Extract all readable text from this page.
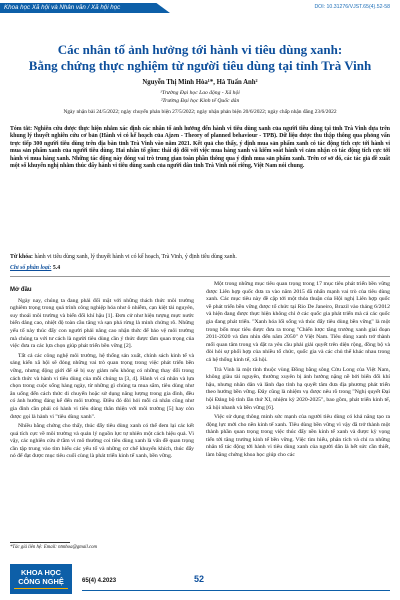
Khoa học Xã hội và Nhân văn / Xã hội học	DOI: 10.31276/VJST.65(4).52-58
Các nhân tố ảnh hưởng tới hành vi tiêu dùng xanh:
Bằng chứng thực nghiệm từ người tiêu dùng tại tỉnh Trà Vinh
Nguyễn Thị Minh Hòa¹*, Hà Tuấn Anh²
¹Trường Đại học Lao động - Xã hội
²Trường Đại học Kinh tế Quốc dân
Ngày nhận bài 24/5/2022; ngày chuyển phản biện 27/5/2022; ngày nhận phản biện 20/6/2022; ngày chấp nhận đăng 23/6/2022
Tóm tắt: Nghiên cứu được thực hiện nhằm xác định các nhân tố ảnh hưởng đến hành vi tiêu dùng xanh của người tiêu dùng tại tỉnh Trà Vinh dựa trên khung lý thuyết nghiên cứu cơ bản (Hành vi có kế hoạch của Ajzen - Theory of planned behaviour - TPB). Dữ liệu được thu thập thông qua phỏng vấn trực tiếp 300 người tiêu dùng trên địa bàn tỉnh Trà Vinh vào năm 2021. Kết quả cho thấy, ý định mua sản phẩm xanh có tác động tích cực tới hành vi mua sản phẩm xanh của người tiêu dùng. Hai nhân tố gồm: thái độ đối với việc mua hàng xanh và kiểm soát hành vi cảm nhận có tác động tích cực tới hành vi mua hàng xanh. Những tác động này đóng vai trò trung gian toàn phần thông qua ý định mua sản phẩm xanh. Trên cơ sở đó, các tác giả đề xuất một số khuyến nghị nhằm thúc đẩy hành vi tiêu dùng xanh của người dân tỉnh Trà Vinh nói riêng, Việt Nam nói chung.
Từ khóa: hành vi tiêu dùng xanh, lý thuyết hành vi có kế hoạch, Trà Vinh, ý định tiêu dùng xanh.
Chỉ số phân loại: 5.4
Mở đầu

Ngày nay, chúng ta đang phải đối mặt với những thách thức môi trường nghiêm trọng trong quá trình công nghiệp hóa như ô nhiễm, cạn kiệt tài nguyên, suy thoái môi trường và biến đổi khí hậu [1]. Đơn cử như hiện tượng mực nước biển dâng cao, nhiệt độ toàn cầu tăng và sạn phá rừng là minh chứng rõ. Những yếu tố này thúc đẩy con người phải nâng cao nhận thức để bảo vệ môi trường mà chúng ta với tư cách là người tiêu dùng cần ý thức được tầm quan trọng của việc đưa ra các lựa chọn giúp phát triển bền vững [2].

Tất cả các công nghệ môi trường, hệ thống sản xuất, chính sách kinh tế và sáng kiến xã hội sẽ đóng những vai trò quan trọng trong việc phát triển bền vững, nhưng động giới để sẽ bị suy giảm nếu không có những thay đổi trong cách thức và hành vi tiêu dùng của mỗi chúng ta [3, 4]. Hành vi cá nhân và lựa chọn trong cuộc sống hàng ngày, từ những gì chúng ta mua sắm, tiêu dùng như ăn uống đến cách thức di chuyển hoặc sử dụng năng lượng trong gia đình, đều có ảnh hưởng đáng kể đến môi trường. Điều đó đòi hỏi mỗi cá nhân cũng như gia đình cần phải có hành vi tiêu dùng thân thiện với môi trường [5] hay còn được gọi là hành vi "tiêu dùng xanh".

Nhiều bằng chứng cho thấy, thúc đẩy tiêu dùng xanh có thể đem lại các kết quả tích cực về môi trường và quản lý nguồn lực tự nhiên một cách hiệu quả. Vì vậy, các nghiên cứu ở tầm vi mô thường coi tiêu dùng xanh là vấn đề quan trọng cần tập trung vào tìm hiểu các yếu tố và những cơ chế khuyến khích, thúc đẩy nó để đạt được mục tiêu cuối cùng là phát triển kinh tế xanh, bền vững.

Một trong những mục tiêu quan trọng trong 17 mục tiêu phát triển bền vững được Liên hợp quốc đưa ra vào năm 2015 đã nhấn mạnh vai trò của tiêu dùng xanh. Các mục tiêu này đề cập tới một thỏa thuận của Hội nghị Liên hợp quốc về phát triển bền vững được tổ chức tại Rio De Janeiro, Brazil vào tháng 6/2012 và hiện đang được thực hiện không chỉ ở các quốc gia phát triển mà cả các quốc gia đang phát triển. "Xanh hóa lối sống và thúc đẩy tiêu dùng bền vững" là một trong bốn mục tiêu được đưa ra trong "Chiến lược tăng trưởng xanh giai đoạn 2011-2020 và tầm nhìn đến năm 2050" ở Việt Nam. Tiêu dùng xanh trở thành mối quan tâm trong và đặt ra yêu cầu phải giải quyết trên diện rộng, đồng bộ và đòi hỏi sự phối hợp của nhiều tổ chức, quốc gia và các chủ thể khác nhau trong cả hệ thống kinh tế, xã hội.

Trà Vinh là một tỉnh thuộc vùng Đồng bằng sông Cửu Long của Việt Nam, không giàu tài nguyên, thường xuyên bị ảnh hưởng nặng nề bởi biến đổi khí hậu, nhưng nhân dân và lãnh đạo tỉnh hạ quyết tâm đưa địa phương phát triển theo hướng bền vững. Đây cũng là nhiệm vụ được nêu rõ trong "Nghị quyết Đại hội Đảng bộ tỉnh lần thứ XI, nhiệm kỳ 2020-2025", bao gồm, phát triển kinh tế, xã hội nhanh và bền vững [6].

Việc sử dụng thông minh sức mạnh của người tiêu dùng có khả năng tạo ra động lực mới cho nền kinh tế xanh. Tiêu dùng bền vững vì vậy đã trở thành một thành phần quan trọng trong việc thúc đẩy nền kinh tế xanh và được kỳ vọng tiến tới tăng trưởng kinh tế bền vững. Việc tìm hiểu, phân tích và chỉ ra những nhân tố tác động tới hành vi tiêu dùng xanh của người dân là hết sức cần thiết, làm bằng chứng khoa học giúp cho các

*Tác giả liên hệ: Email: ntmhoa@gmail.com
KHOA HỌC
CÔNG NGHỆ	65(4) 4.2023	52
